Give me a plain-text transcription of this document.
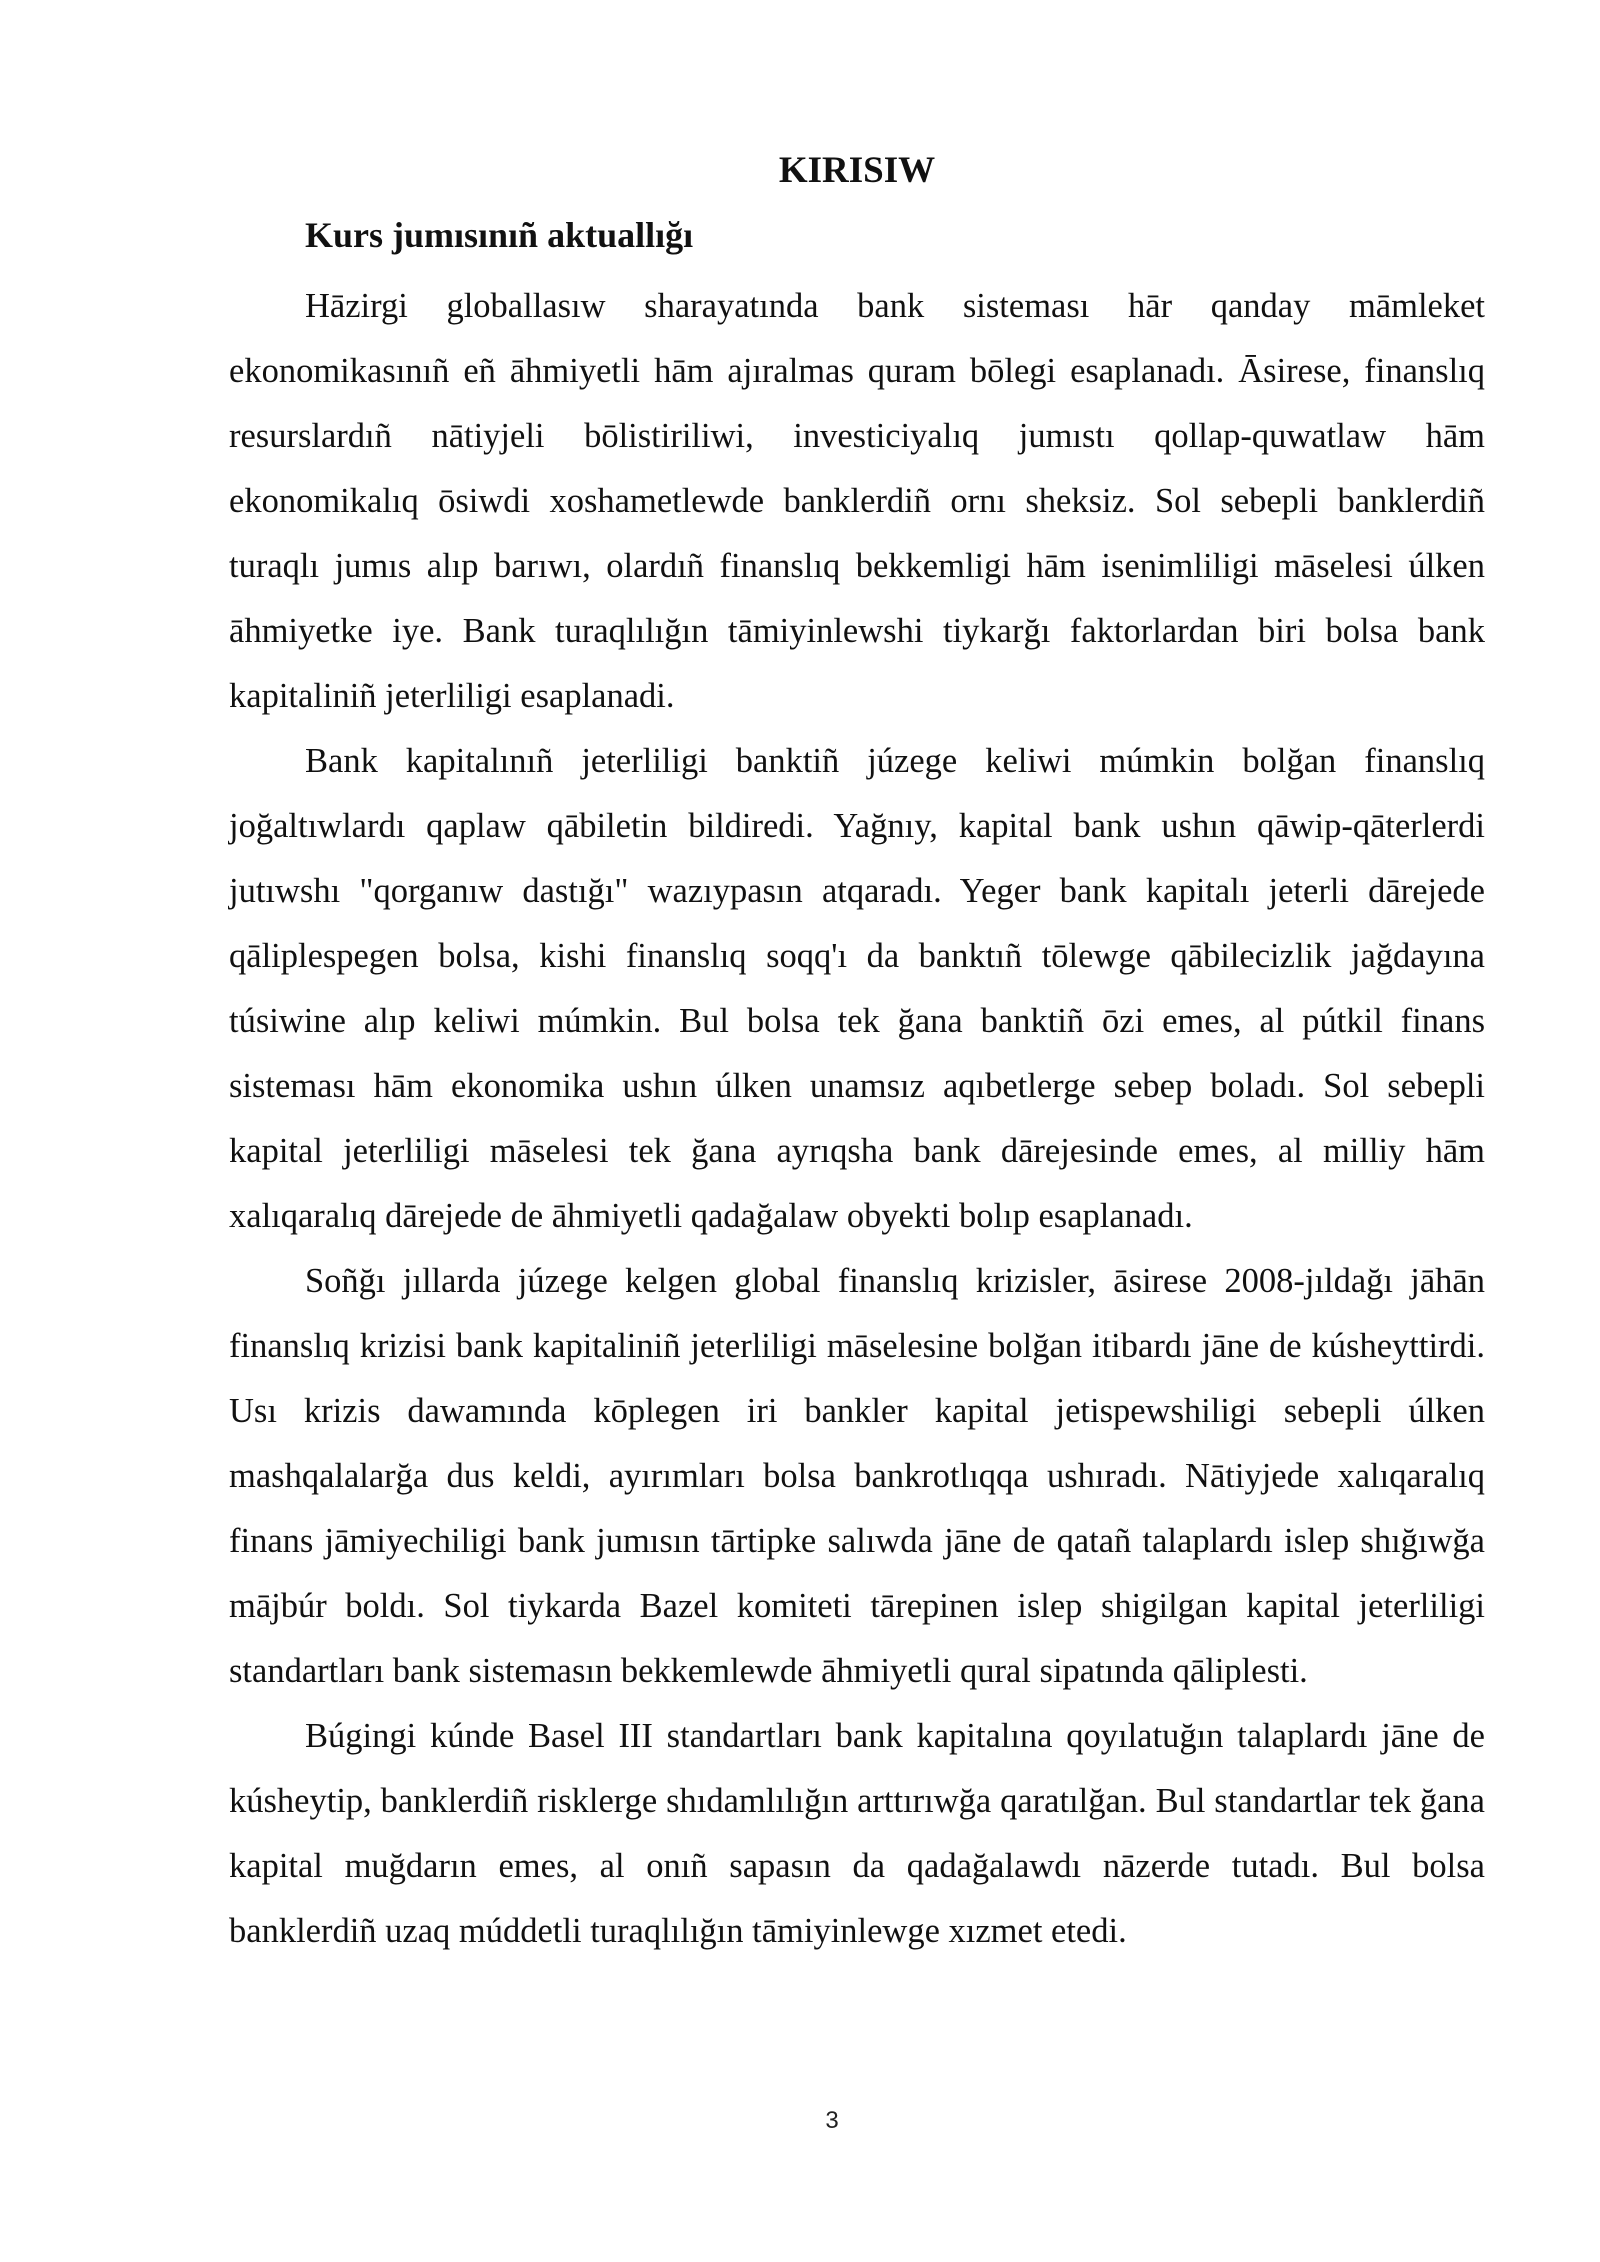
KIRISIW
Kurs jumısınıñ aktuallığı

Hāzirgi globallasıw sharayatında bank sisteması hār qanday māmleket ekonomikasınıñ eñ āhmiyetli hām ajıralmas quram bōlegi esaplanadı. Āsirese, finanslıq resurslardıñ nātiyjeli bōlistiriliwi, investiciyalıq jumıstı qollap-quwatlaw hām ekonomikalıq ōsiwdi xoshametlewde banklerdiñ ornı sheksiz. Sol sebepli banklerdiñ turaqlı jumıs alıp barıwı, olardıñ finanslıq bekkemligi hām isenimliligi māselesi úlken āhmiyetke iye. Bank turaqlılığın tāmiyinlewshi tiykarğı faktorlardan biri bolsa bank kapitaliniñ jeterliligi esaplanadi.

Bank kapitalınıñ jeterliligi banktiñ júzege keliwi múmkin bolğan finanslıq joğaltıwlardı qaplaw qābiletin bildiredi. Yağnıy, kapital bank ushın qāwip-qāterlerdi jutıwshı "qorganıw dastığı" wazıypasın atqaradı. Yeger bank kapitalı jeterli dārejede qāliplespegen bolsa, kishi finanslıq soqq'ı da banktıñ tōlewge qābilecizlik jağdayına túsiwine alıp keliwi múmkin. Bul bolsa tek ğana banktiñ ōzi emes, al pútkil finans sisteması hām ekonomika ushın úlken unamsız aqıbetlerge sebep boladı. Sol sebepli kapital jeterliligi māselesi tek ğana ayrıqsha bank dārejesinde emes, al milliy hām xalıqaralıq dārejede de āhmiyetli qadağalaw obyekti bolıp esaplanadı.

Soñğı jıllarda júzege kelgen global finanslıq krizisler, āsirese 2008-jıldağı jāhān finanslıq krizisi bank kapitaliniñ jeterliligi māselesine bolğan itibardı jāne de kúsheyttirdi. Usı krizis dawamında kōplegen iri bankler kapital jetispewshiligi sebepli úlken mashqalalarğa dus keldi, ayırımları bolsa bankrotlıqqa ushıradı. Nātiyjede xalıqaralıq finans jāmiyechiligi bank jumısın tārtipke salıwda jāne de qatañ talaplardı islep shığıwğa mājbúr boldı. Sol tiykarda Bazel komiteti tārepinen islep shigilgan kapital jeterliligi standartları bank sistemasın bekkemlewde āhmiyetli qural sipatında qāliplesti.

Búgingi kúnde Basel III standartları bank kapitalına qoyılatuğın talaplardı jāne de kúsheytip, banklerdiñ risklerge shıdamlılığın arttırıwğa qaratılğan. Bul standartlar tek ğana kapital muğdarın emes, al onıñ sapasın da qadağalawdı nāzerde tutadı. Bul bolsa banklerdiñ uzaq múddetli turaqlılığın tāmiyinlewge xızmet etedi.

3
